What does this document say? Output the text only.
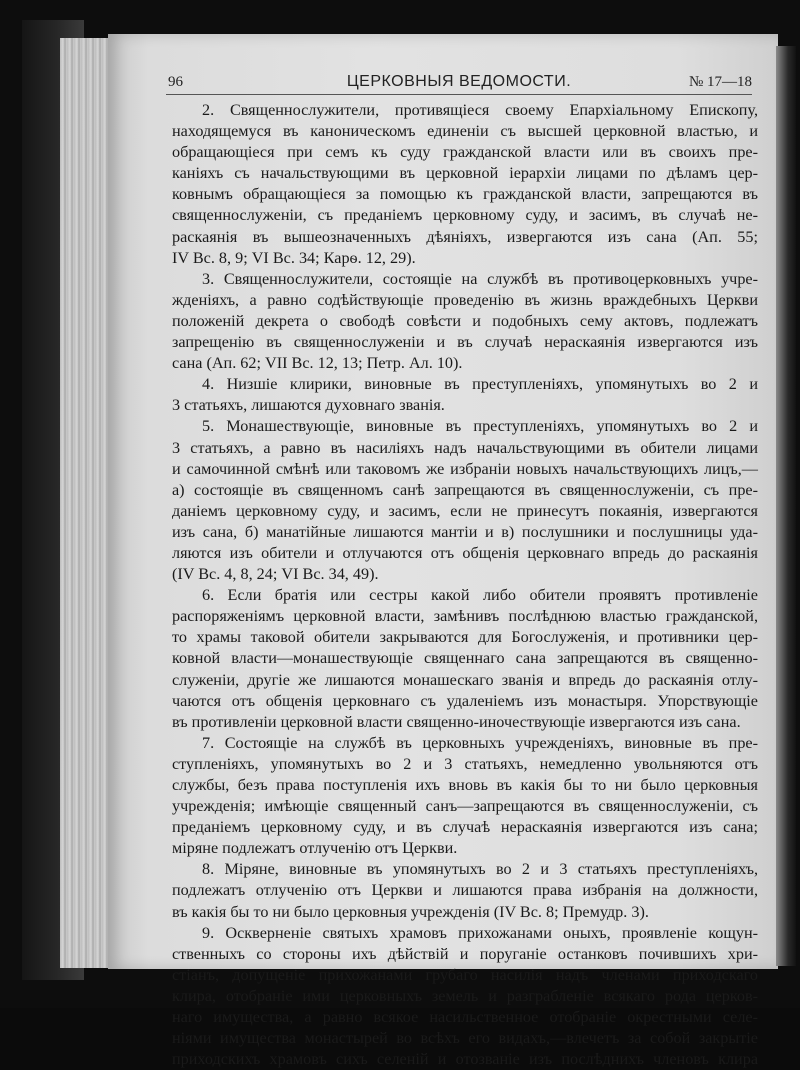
96	ЦЕРКОВНЫЯ ВЕДОМОСТИ.	№ 17—18
2. Священнослужители, противящiеся своему Епархiальному Епископу,
находящемуся въ каноническомъ единенiи съ высшей церковной властью, и
обращающiеся при семъ къ суду гражданской власти или въ своихъ пре-
канiяхъ съ начальствующими въ церковной iерархiи лицами по дѣламъ цер-
ковнымъ обращающiеся за помощью къ гражданской власти, запрещаются въ
священнослуженiи, съ преданiемъ церковному суду, и засимъ, въ случаѣ не-
раскаянiя въ вышеозначенныхъ дѣянiяхъ, извергаются изъ сана (Ап. 55;
IV Вс. 8, 9; VI Вс. 34; Карѳ. 12, 29).
3. Священнослужители, состоящiе на службѣ въ противоцерковныхъ учре-
жденiяхъ, а равно содѣйствующiе проведенiю въ жизнь враждебныхъ Церкви
положенiй декрета о свободѣ совѣсти и подобныхъ сему актовъ, подлежатъ
запрещенiю въ священнослуженiи и въ случаѣ нераскаянiя извергаются изъ
сана (Ап. 62; VII Вс. 12, 13; Петр. Ал. 10).
4. Низшiе клирики, виновные въ преступленiяхъ, упомянутыхъ во 2 и
3 статьяхъ, лишаются духовнаго званiя.
5. Монашествующiе, виновные въ преступленiяхъ, упомянутыхъ во 2 и
3 статьяхъ, а равно въ насилiяхъ надъ начальствующими въ обители лицами
и самочинной смѣнѣ или таковомъ же избранiи новыхъ начальствующихъ лицъ,—
а) состоящiе въ священномъ санѣ запрещаются въ священнослуженiи, съ пре-
данiемъ церковному суду, и засимъ, если не принесутъ покаянiя, извергаются
изъ сана, б) манатiйные лишаются мантiи и в) послушники и послушницы уда-
ляются изъ обители и отлучаются отъ общенiя церковнаго впредь до раскаянiя
(IV Вс. 4, 8, 24; VI Вс. 34, 49).
6. Если братiя или сестры какой либо обители проявятъ противленiе
распоряженiямъ церковной власти, замѣнивъ послѣднюю властью гражданской,
то храмы таковой обители закрываются для Богослуженiя, и противники цер-
ковной власти—монашествующiе священнаго сана запрещаются въ священно-
служенiи, другiе же лишаются монашескаго званiя и впредь до раскаянiя отлу-
чаются отъ общенiя церковнаго съ удаленiемъ изъ монастыря. Упорствующiе
въ противленiи церковной власти священно-иночествующiе извергаются изъ сана.
7. Состоящiе на службѣ въ церковныхъ учрежденiяхъ, виновные въ пре-
ступленiяхъ, упомянутыхъ во 2 и 3 статьяхъ, немедленно увольняются отъ
службы, безъ права поступленiя ихъ вновь въ какiя бы то ни было церковныя
учрежденiя; имѣющiе священный санъ—запрещаются въ священнослуженiи, съ
преданiемъ церковному суду, и въ случаѣ нераскаянiя извергаются изъ сана;
мiряне подлежатъ отлученiю отъ Церкви.
8. Мiряне, виновные въ упомянутыхъ во 2 и 3 статьяхъ преступленiяхъ,
подлежатъ отлученiю отъ Церкви и лишаются права избранiя на должности,
въ какiя бы то ни было церковныя учрежденiя (IV Вс. 8; Премудр. 3).
9. Оскверненiе святыхъ храмовъ прихожанами оныхъ, проявленiе кощун-
ственныхъ со стороны ихъ дѣйствiй и поруганiе останковъ почившихъ хри-
стiанъ, допущенiе прихожанами грубаго насилiя надъ членами приходскаго
клира, отобранiе ими церковныхъ земель и разграбленiе всякаго рода церков-
наго имущества, а равно всякое насильственное отобранiе окрестными селе-
нiями имущества монастырей во всѣхъ его видахъ,—влечетъ за собой закрытiе
приходскихъ храмовъ сихъ селенiй и отозванiе изъ послѣднихъ членовъ клира
